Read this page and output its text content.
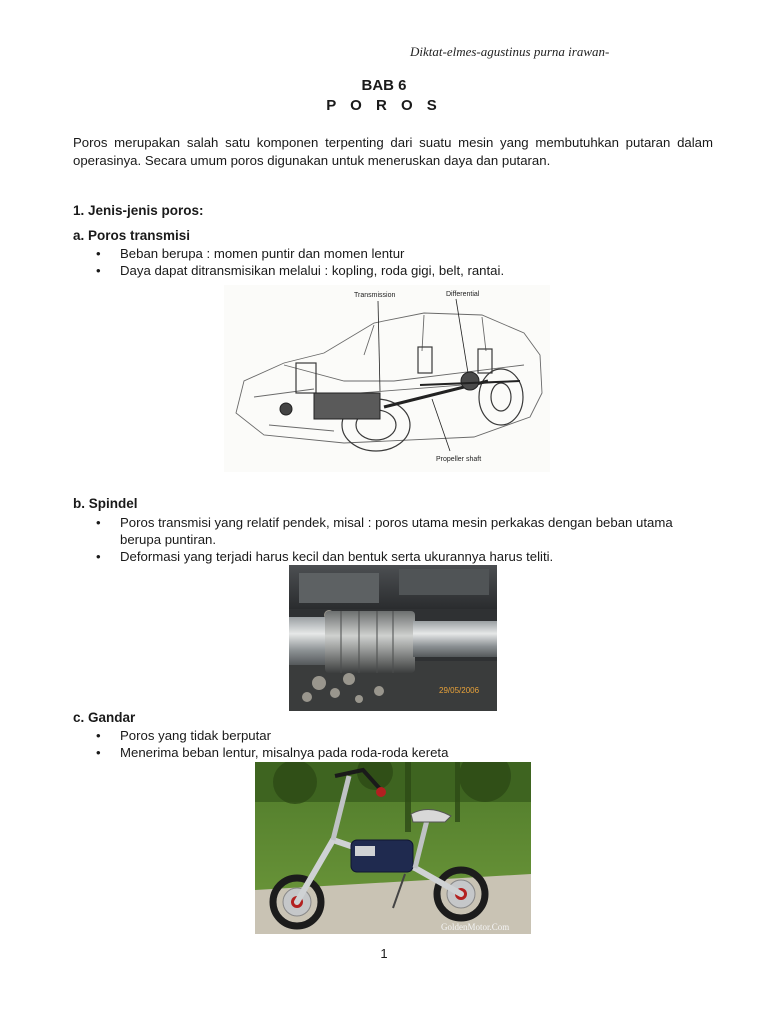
Diktat-elmes-agustinus purna irawan-
BAB 6
P O R O S

Poros merupakan salah satu komponen terpenting dari suatu mesin yang membutuhkan putaran dalam operasinya. Secara umum poros digunakan untuk meneruskan daya dan putaran.

1. Jenis-jenis poros:
a. Poros transmisi
• Beban berupa : momen puntir dan momen lentur
• Daya dapat ditransmisikan melalui : kopling, roda gigi, belt, rantai.
Transmission	Differential
Propeller shaft
b. Spindel
• Poros transmisi yang relatif pendek, misal : poros utama mesin perkakas dengan beban utama berupa puntiran.
• Deformasi yang terjadi harus kecil dan bentuk serta ukurannya harus teliti.
29/05/2006
c. Gandar
• Poros yang tidak berputar
• Menerima beban lentur, misalnya pada roda-roda kereta
GoldenMotor.Com
1
